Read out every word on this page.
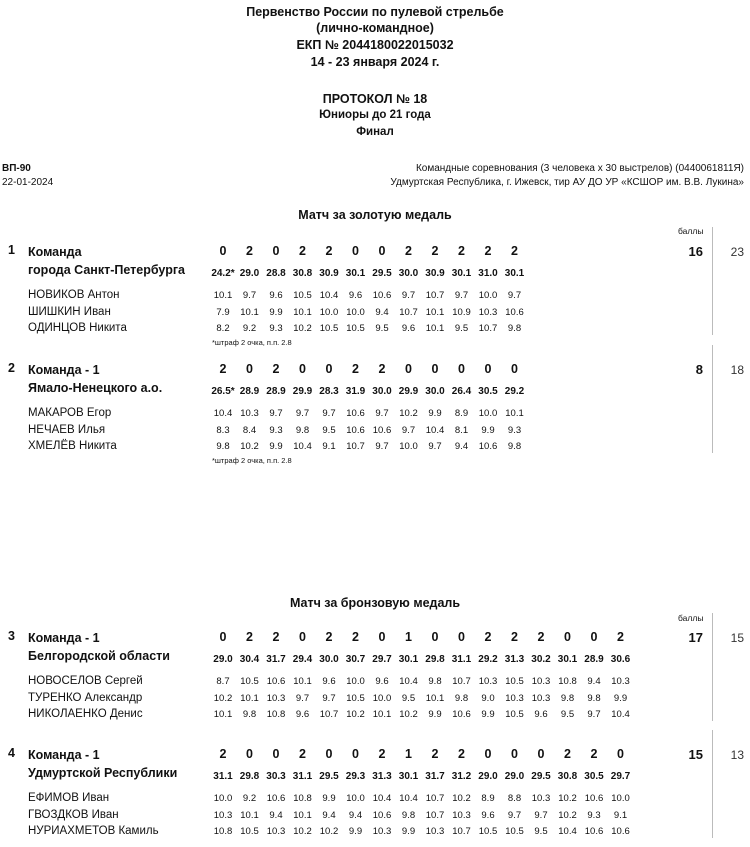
Первенство России по пулевой стрельбе
(лично-командное)
ЕКП № 2044180022015032
14 - 23 января 2024 г.
ПРОТОКОЛ № 18
Юниоры до 21 года
Финал
ВП-90
22-01-2024
Командные соревнования (3 человека х 30 выстрелов) (0440061811Я)
Удмуртская Республика, г. Ижевск, тир АУ ДО УР «КСШОР им. В.В. Лукина»
Матч за золотую медаль
баллы
Матч за бронзовую медаль
баллы
1 Команда
города Санкт-Петербурга
0	2	0	2	2	0	0	2	2	2	2	2
24.2* 29.0 28.8 30.8 30.9 30.1 29.5 30.0 30.9 30.1 31.0 30.1
16	23
НОВИКОВ Антон	10.1	9.7	9.6	10.5 10.4	9.6	10.6	9.7	10.7	9.7	10.0	9.7
ШИШКИН Иван	7.9	10.1	9.9	10.1 10.0 10.0	9.4	10.7 10.1 10.9 10.3 10.6
ОДИНЦОВ Никита	8.2	9.2	9.3	10.2 10.5 10.5	9.5	9.6	10.1	9.5	10.7	9.8
*штраф 2 очка, п.п. 2.8
2 Команда - 1
Ямало-Ненецкого а.о.
2	0	2	0	0	2	2	0	0	0	0	0
26.5* 28.9 28.9 29.9 28.3 31.9 30.0 29.9 30.0 26.4 30.5 29.2
8	18
МАКАРОВ Егор	10.4 10.3	9.7	9.7	9.7	10.6	9.7	10.2	9.9	8.9	10.0 10.1
НЕЧАЕВ Илья	8.3	8.4	9.3	9.8	9.5	10.6 10.6	9.7	10.4	8.1	9.9	9.3
ХМЕЛЁВ Никита	9.8	10.2	9.9	10.4	9.1	10.7	9.7	10.0	9.7	9.4	10.6	9.8
*штраф 2 очка, п.п. 2.8
3 Команда - 1
Белгородской области
0	2	2	0	2	2	0	1	0	0	2	2	2	0	0	2
29.0 30.4 31.7 29.4 30.0 30.7 29.7 30.1 29.8 31.1 29.2 31.3 30.2 30.1 28.9 30.6
17	15
НОВОСЕЛОВ Сергей	8.7	10.5 10.6 10.1	9.6	10.0	9.6	10.4	9.8	10.7 10.3 10.5 10.3 10.8	9.4	10.3
ТУРЕНКО Александр	10.2 10.1 10.3	9.7	9.7	10.5 10.0	9.5	10.1	9.8	9.0	10.3 10.3	9.8	9.8	9.9
НИКОЛАЕНКО Денис	10.1	9.8	10.8	9.6	10.7 10.2 10.1 10.2	9.9	10.6	9.9	10.5	9.6	9.5	9.7	10.4
4 Команда - 1
Удмуртской Республики
2	0	0	2	0	0	2	1	2	2	0	0	0	2	2	0
31.1 29.8 30.3 31.1 29.5 29.3 31.3 30.1 31.7 31.2 29.0 29.0 29.5 30.8 30.5 29.7
15	13
ЕФИМОВ Иван	10.0	9.2	10.6 10.8	9.9	10.0 10.4 10.4 10.7 10.2	8.9	8.8	10.3 10.2 10.6 10.0
ГВОЗДКОВ Иван	10.3 10.1	9.4	10.1	9.4	9.4	10.6	9.8	10.7 10.3	9.6	9.7	9.7	10.2	9.3	9.1
НУРИАХМЕТОВ Камиль	10.8 10.5 10.3 10.2 10.2	9.9	10.3	9.9	10.3 10.7 10.5 10.5	9.5	10.4 10.6 10.6
